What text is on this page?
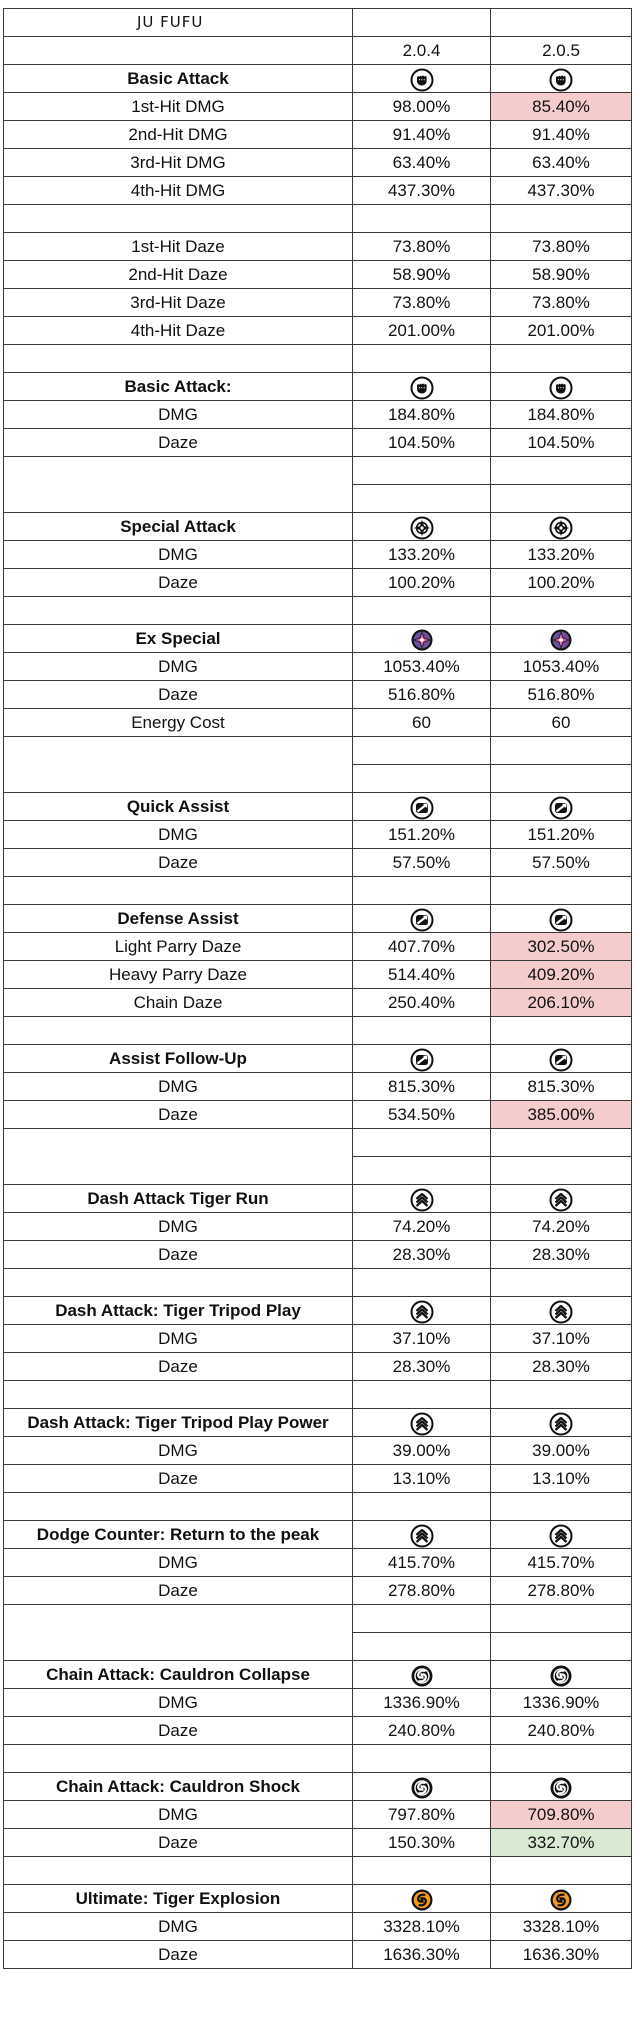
JU FUFU		
	2.0.4	2.0.5
Basic Attack	

1st-Hit DMG	98.00%	85.40%
2nd-Hit DMG	91.40%	91.40%
3rd-Hit DMG	63.40%	63.40%
4th-Hit DMG	437.30%	437.30%

1st-Hit Daze	73.80%	73.80%
2nd-Hit Daze	58.90%	58.90%
3rd-Hit Daze	73.80%	73.80%
4th-Hit Daze	201.00%	201.00%

Basic Attack:	

DMG	184.80%	184.80%
Daze	104.50%	104.50%

Special Attack	

DMG	133.20%	133.20%
Daze	100.20%	100.20%

Ex Special	

DMG	1053.40%	1053.40%
Daze	516.80%	516.80%
Energy Cost	60	60

Quick Assist	

DMG	151.20%	151.20%
Daze	57.50%	57.50%

Defense Assist	

Light Parry Daze	407.70%	302.50%
Heavy Parry Daze	514.40%	409.20%
Chain Daze	250.40%	206.10%

Assist Follow-Up	

DMG	815.30%	815.30%
Daze	534.50%	385.00%

Dash Attack Tiger Run	

DMG	74.20%	74.20%
Daze	28.30%	28.30%

Dash Attack: Tiger Tripod Play	

DMG	37.10%	37.10%
Daze	28.30%	28.30%

Dash Attack: Tiger Tripod Play Power	

DMG	39.00%	39.00%
Daze	13.10%	13.10%

Dodge Counter: Return to the peak	

DMG	415.70%	415.70%
Daze	278.80%	278.80%

Chain Attack: Cauldron Collapse	

DMG	1336.90%	1336.90%
Daze	240.80%	240.80%

Chain Attack: Cauldron Shock	

DMG	797.80%	709.80%
Daze	150.30%	332.70%

Ultimate: Tiger Explosion	

DMG	3328.10%	3328.10%
Daze	1636.30%	1636.30%
